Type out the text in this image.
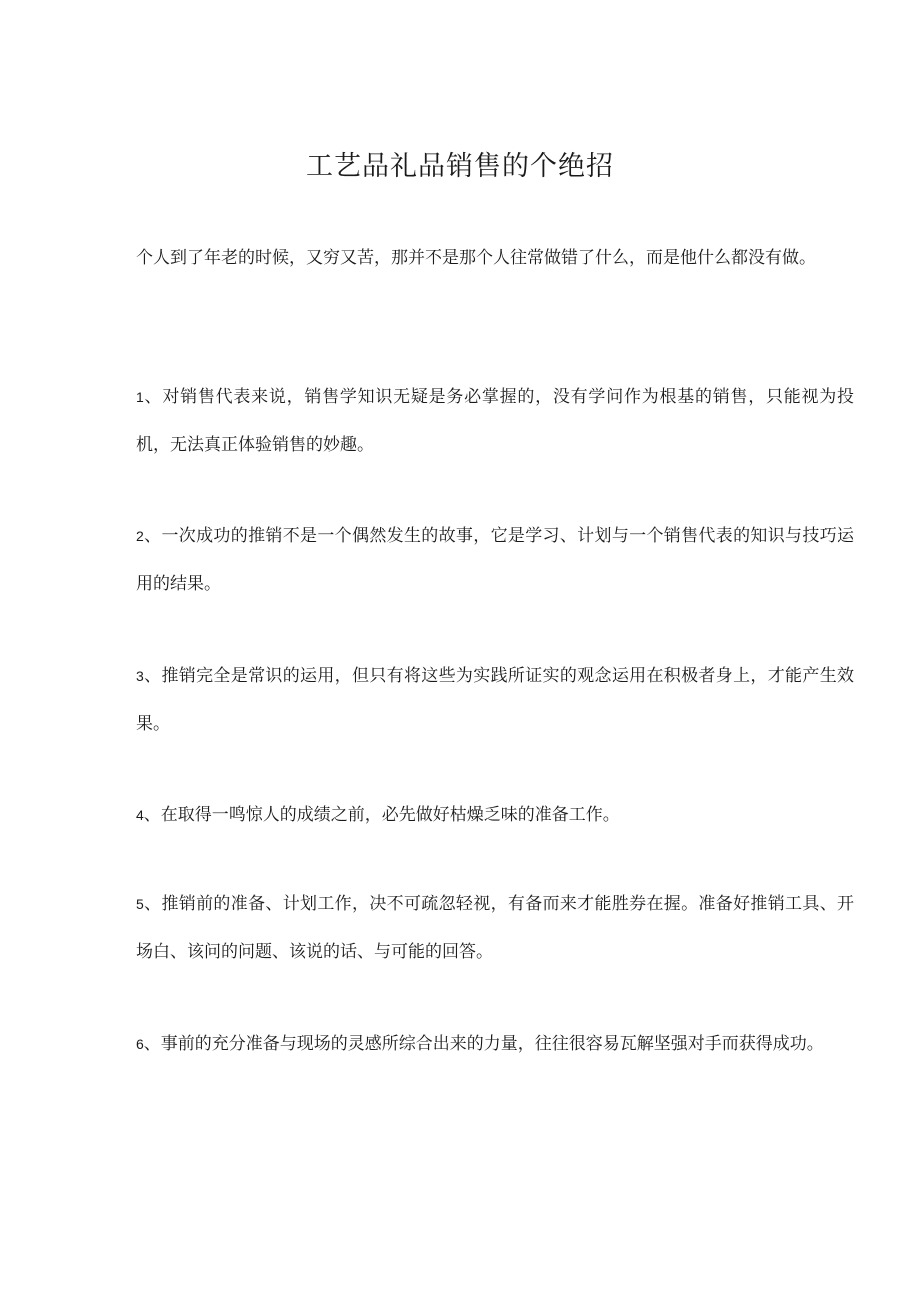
工艺品礼品销售的个绝招

个人到了年老的时候，又穷又苦，那并不是那个人往常做错了什么，而是他什么都没有做。

1、对销售代表来说，销售学知识无疑是务必掌握的，没有学问作为根基的销售，只能视为投机，无法真正体验销售的妙趣。

2、一次成功的推销不是一个偶然发生的故事，它是学习、计划与一个销售代表的知识与技巧运用的结果。

3、推销完全是常识的运用，但只有将这些为实践所证实的观念运用在积极者身上，才能产生效果。

4、在取得一鸣惊人的成绩之前，必先做好枯燥乏味的准备工作。

5、推销前的准备、计划工作，决不可疏忽轻视，有备而来才能胜券在握。准备好推销工具、开场白、该问的问题、该说的话、与可能的回答。

6、事前的充分准备与现场的灵感所综合出来的力量，往往很容易瓦解坚强对手而获得成功。
